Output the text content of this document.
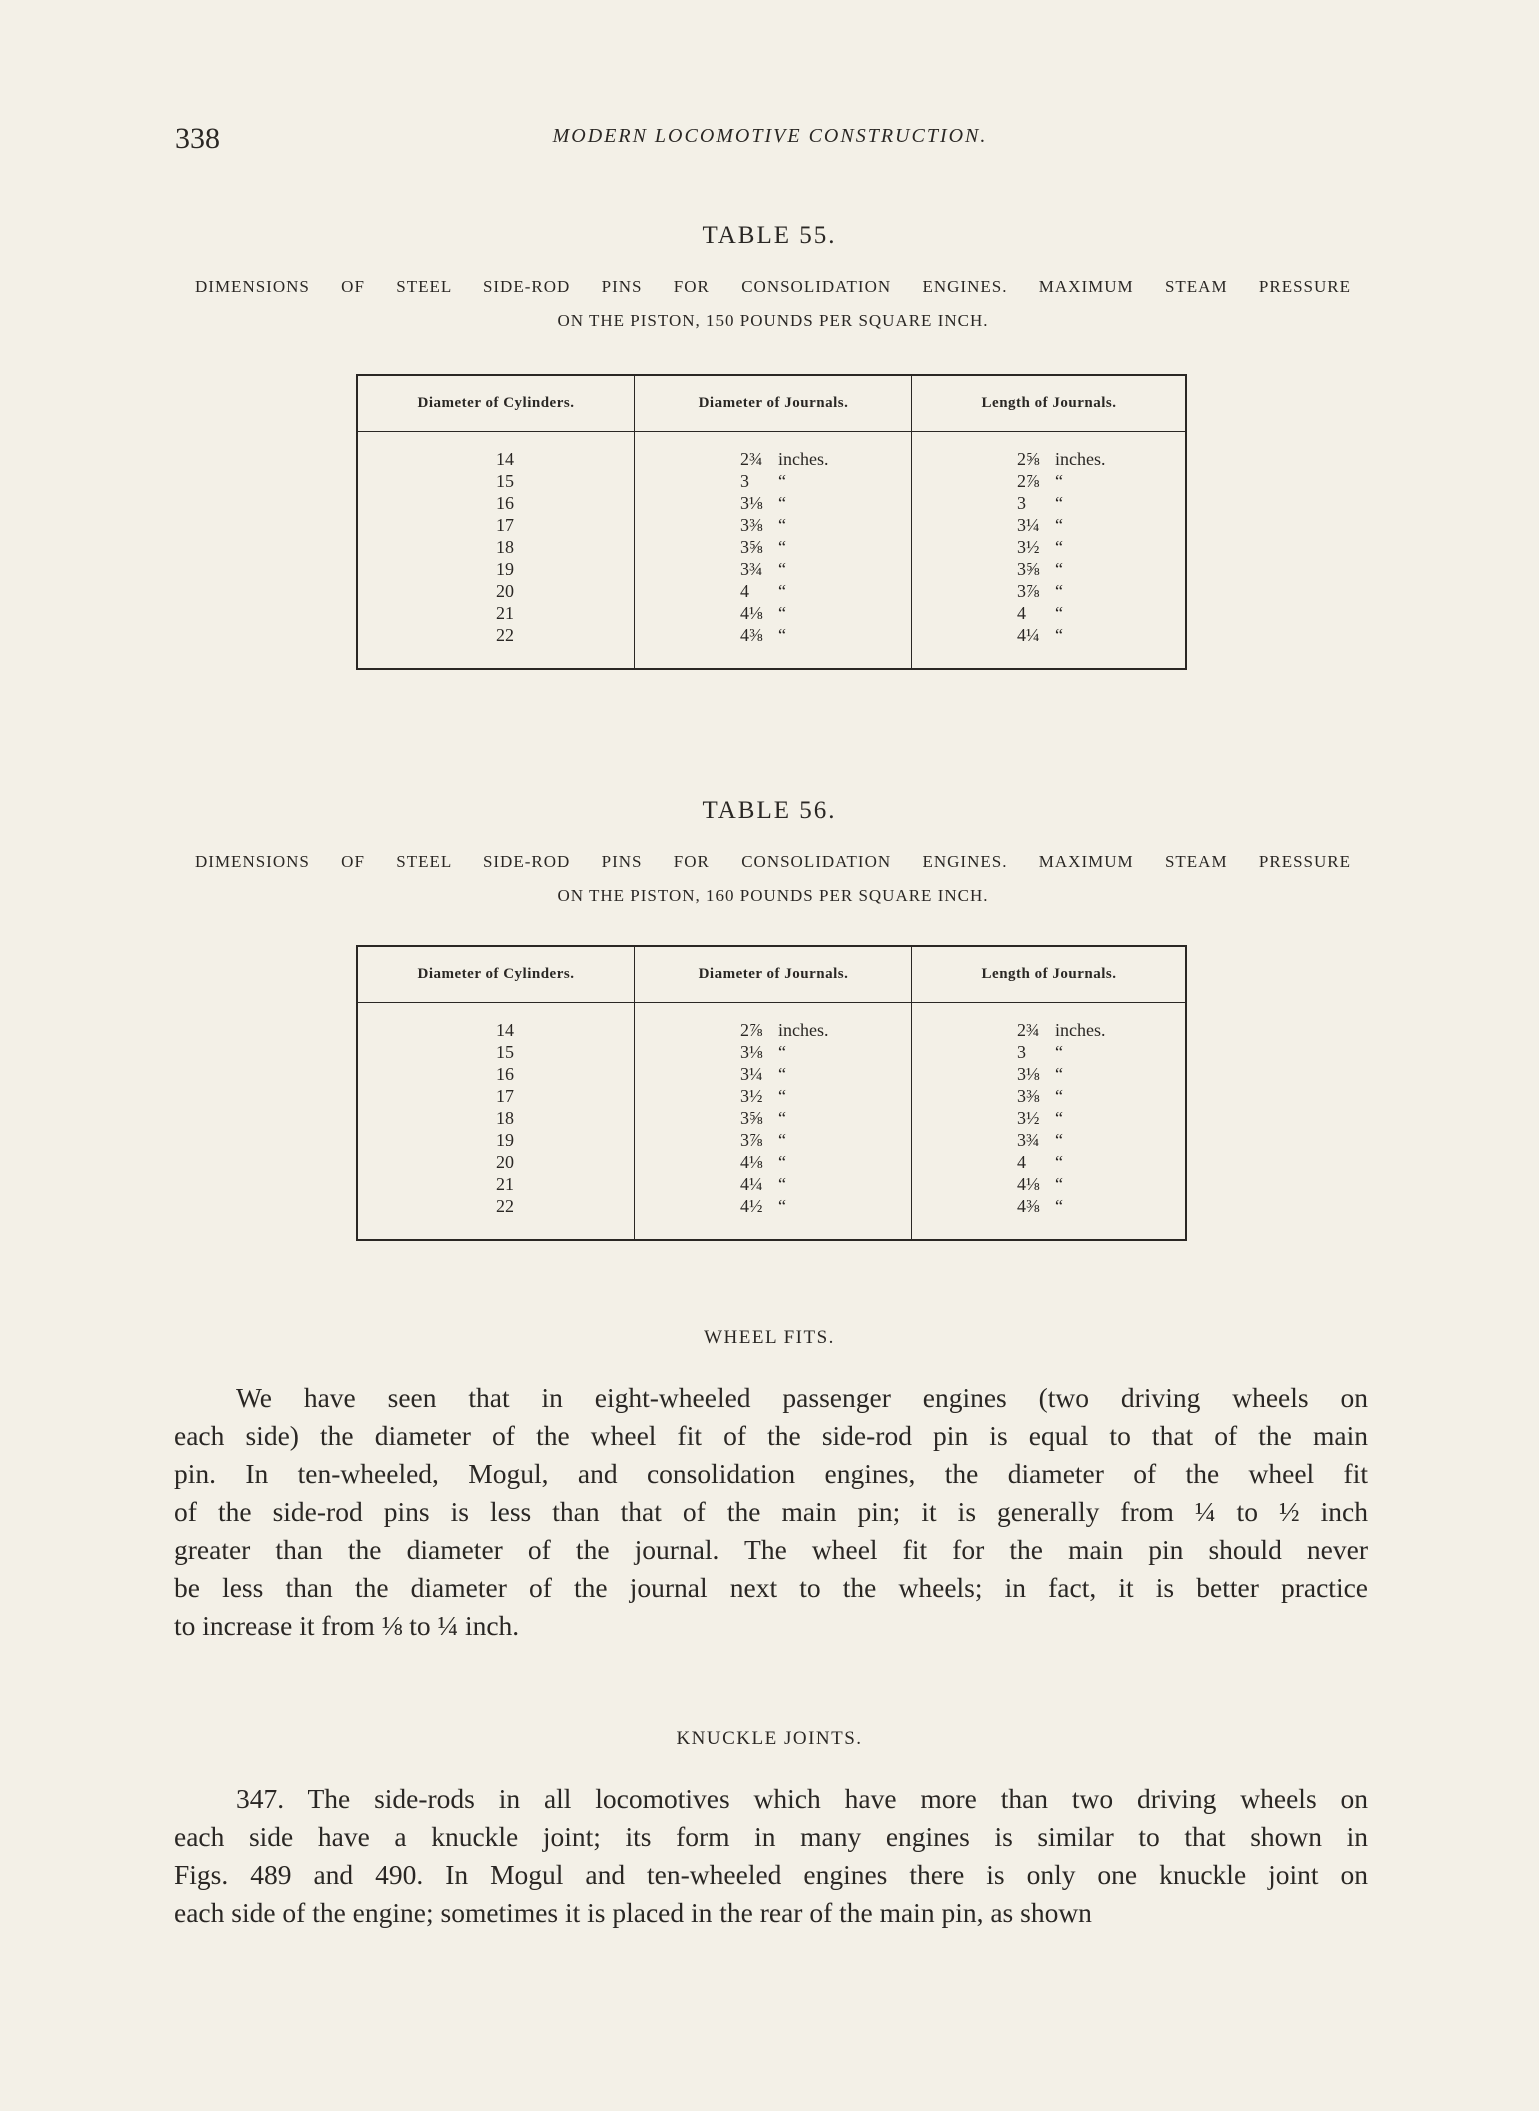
338	MODERN LOCOMOTIVE CONSTRUCTION.
TABLE 55.
DIMENSIONS OF STEEL SIDE-ROD PINS FOR CONSOLIDATION ENGINES. MAXIMUM STEAM PRESSURE
ON THE PISTON, 150 POUNDS PER SQUARE INCH.
Diameter of Cylinders.
14
15
16
17
18
19
20
21
22
Diameter of Journals.
2¾ inches.
3 “
3⅛ “
3⅜ “
3⅝ “
3¾ “
4 “
4⅛ “
4⅜ “
Length of Journals.
2⅝ inches.
2⅞ “
3 “
3¼ “
3½ “
3⅝ “
3⅞ “
4 “
4¼ “
TABLE 56.
DIMENSIONS OF STEEL SIDE-ROD PINS FOR CONSOLIDATION ENGINES. MAXIMUM STEAM PRESSURE
ON THE PISTON, 160 POUNDS PER SQUARE INCH.
Diameter of Cylinders.
14
15
16
17
18
19
20
21
22
Diameter of Journals.
2⅞ inches.
3⅛ “
3¼ “
3½ “
3⅝ “
3⅞ “
4⅛ “
4¼ “
4½ “
Length of Journals.
2¾ inches.
3 “
3⅛ “
3⅜ “
3½ “
3¾ “
4 “
4⅛ “
4⅜ “
WHEEL FITS.
We have seen that in eight-wheeled passenger engines (two driving wheels on
each side) the diameter of the wheel fit of the side-rod pin is equal to that of the main
pin. In ten-wheeled, Mogul, and consolidation engines, the diameter of the wheel fit
of the side-rod pins is less than that of the main pin; it is generally from ¼ to ½ inch
greater than the diameter of the journal. The wheel fit for the main pin should never
be less than the diameter of the journal next to the wheels; in fact, it is better practice
to increase it from ⅛ to ¼ inch.
KNUCKLE JOINTS.
347. The side-rods in all locomotives which have more than two driving wheels on
each side have a knuckle joint; its form in many engines is similar to that shown in
Figs. 489 and 490. In Mogul and ten-wheeled engines there is only one knuckle joint on
each side of the engine; sometimes it is placed in the rear of the main pin, as shown
